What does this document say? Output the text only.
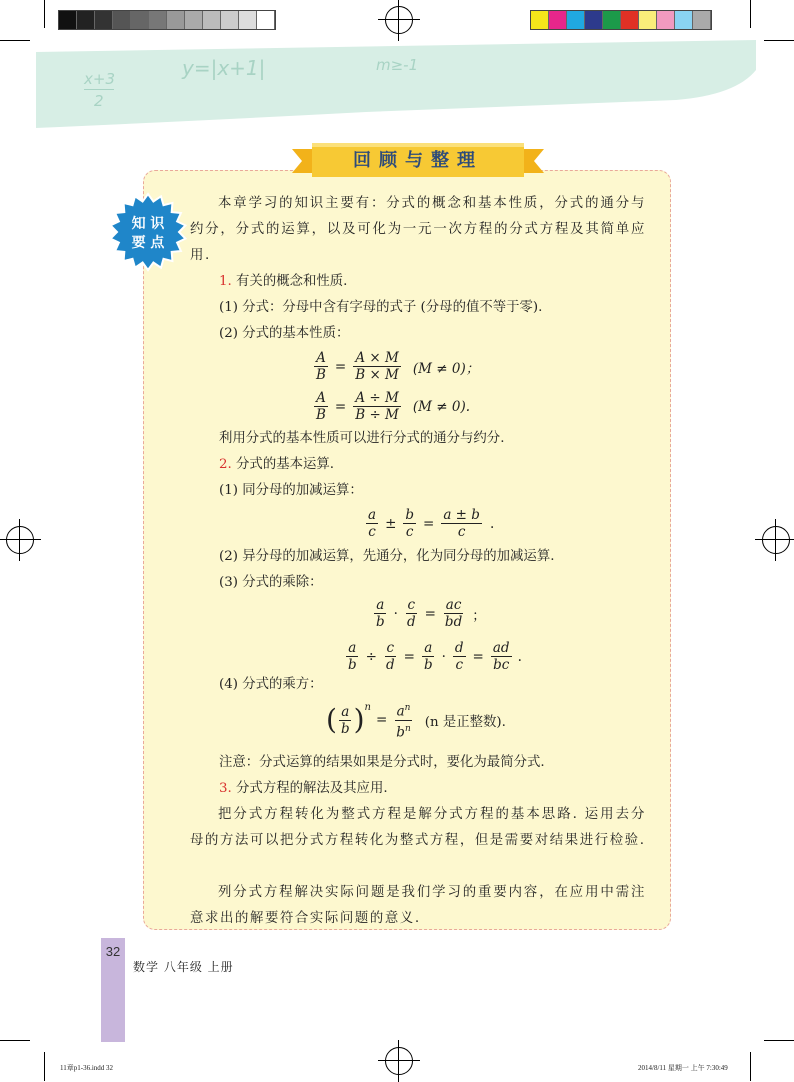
x+3
2
y=|x+1|	m≥-1
回顾与整理
知 识
要 点
本章学习的知识主要有：分式的概念和基本性质，分式的通分与约分，分式的运算，以及可化为一元一次方程的分式方程及其简单应用.
1. 有关的概念和性质.
(1) 分式：分母中含有字母的式子 (分母的值不等于零).
(2) 分式的基本性质：
$\frac{A}{B} = \frac{A \times M}{B \times M} (M \ne 0)$；
$\frac{A}{B} = \frac{A \div M}{B \div M} (M \ne 0)$.
利用分式的基本性质可以进行分式的通分与约分.
2. 分式的基本运算.
(1) 同分母的加减运算：
$\frac{a}{c} \pm \frac{b}{c} = \frac{a \pm b}{c}$ .
(2) 异分母的加减运算，先通分，化为同分母的加减运算.
(3) 分式的乘除：
$\frac{a}{b} \cdot \frac{c}{d} = \frac{ac}{bd}$ ；
$\frac{a}{b} \div \frac{c}{d} = \frac{a}{b} \cdot \frac{d}{c} = \frac{ad}{bc}$ .
(4) 分式的乘方：
( $\frac{a}{b} )^n$
= $\frac{a^n}{b^n} (n$ 是正整数).
注意：分式运算的结果如果是分式时，要化为最简分式.
3. 分式方程的解法及其应用.
把分式方程转化为整式方程是解分式方程的基本思路. 运用去分母的方法可以把分式方程转化为整式方程，但是需要对结果进行检验.
列分式方程解决实际问题是我们学习的重要内容，在应用中需注意求出的解要符合实际问题的意义.
32
数学 八年级 上册
11章p1-36.indd 32	2014/8/11 星期一 上午 7:30:49
